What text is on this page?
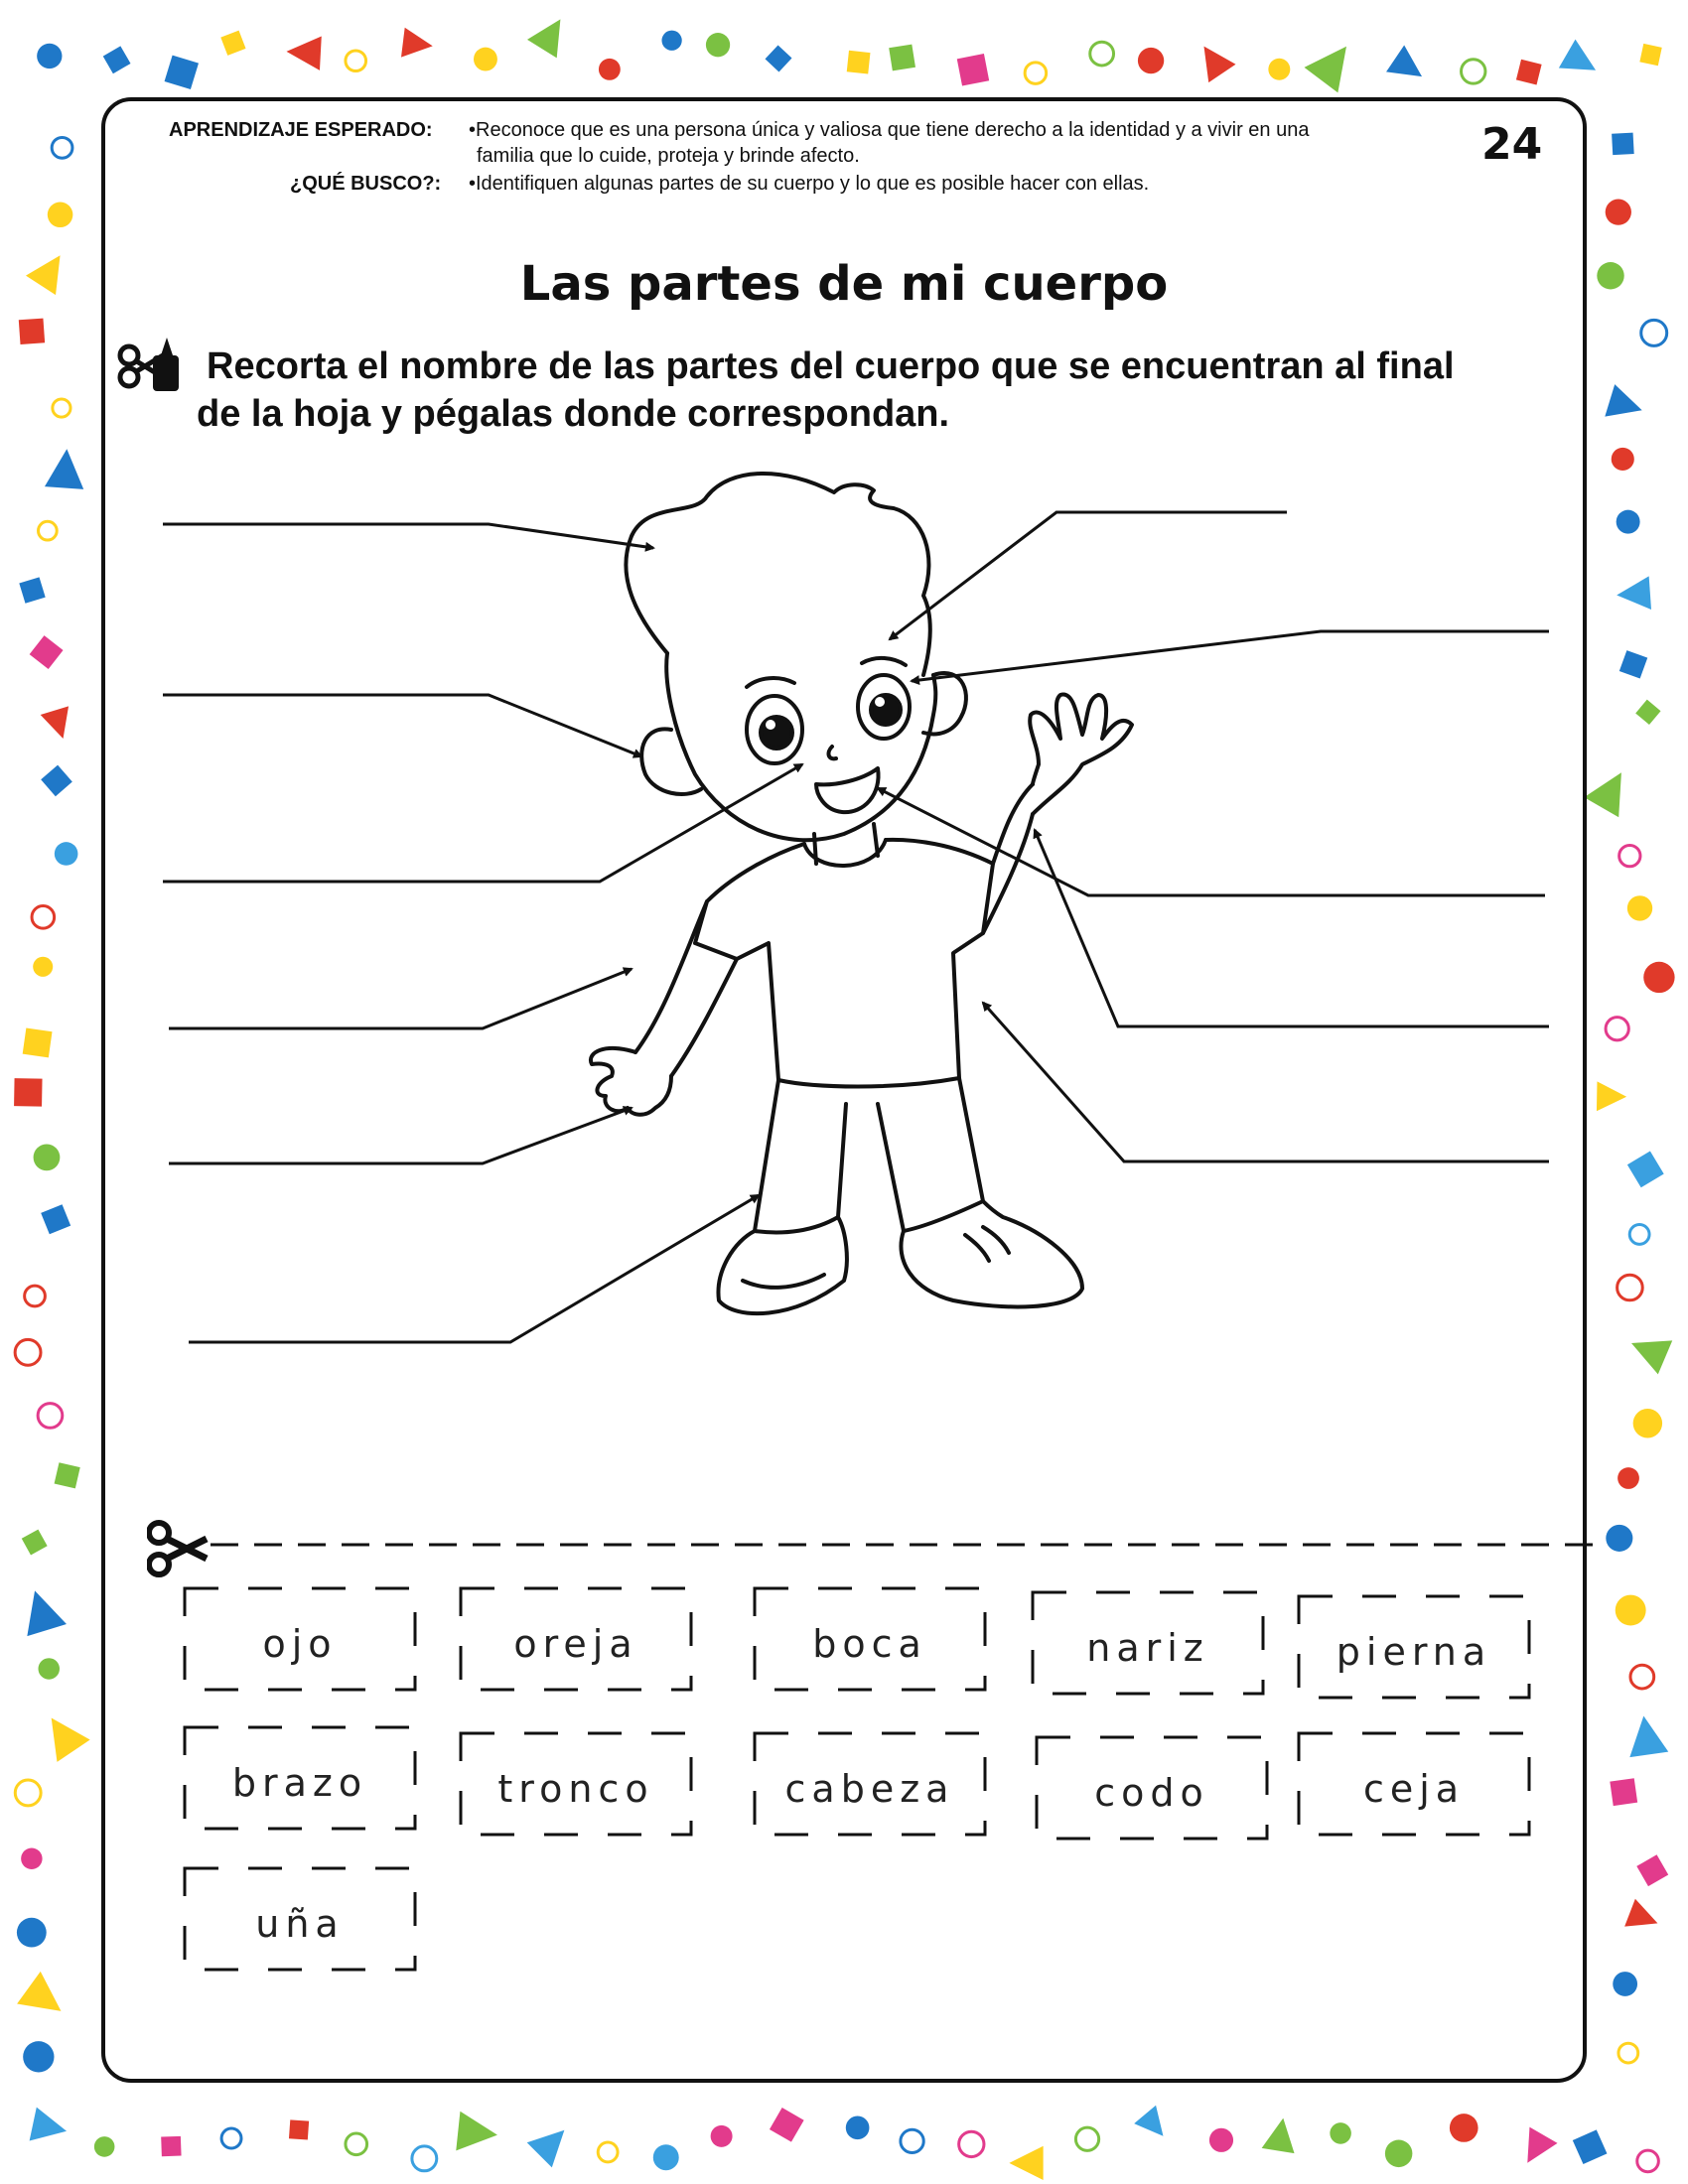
APRENDIZAJE ESPERADO: •Reconoce que es una persona única y valiosa que tiene derecho a la identidad y a vivir en una
familia que lo cuide, proteja y brinde afecto.
¿QUÉ BUSCO?: •Identifiquen algunas partes de su cuerpo y lo que es posible hacer con ellas.
24
Las partes de mi cuerpo
Recorta el nombre de las partes del cuerpo que se encuentran al final
de la hoja y pégalas donde correspondan.
ojo	oreja	boca	nariz	pierna
brazo	tronco	cabeza	codo	ceja
uña
